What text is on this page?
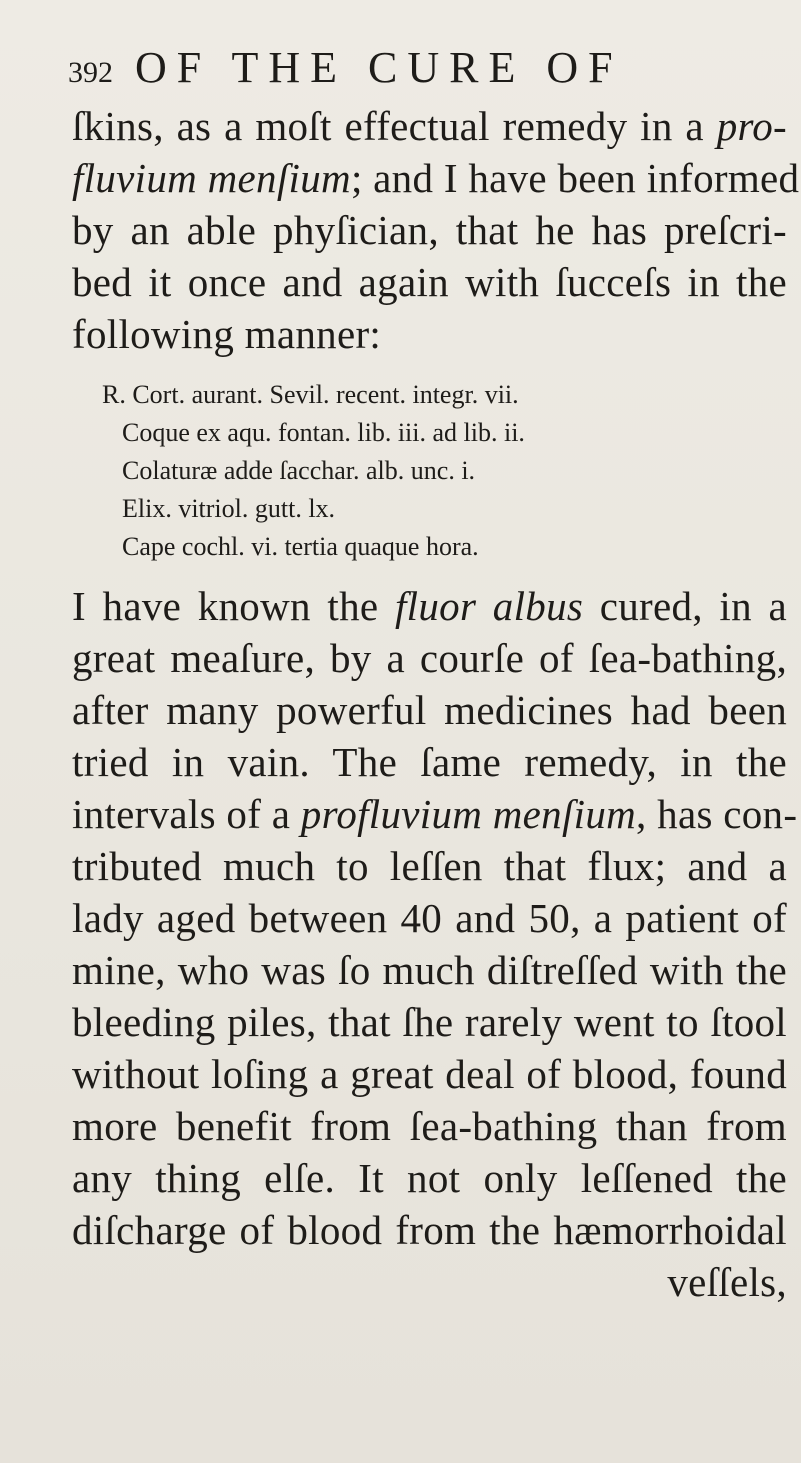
392 OF THE CURE OF
ſkins, as a moſt effectual remedy in a pro-
fluvium menſium; and I have been informed
by an able phyſician, that he has preſcri-
bed it once and again with ſucceſs in the
following manner:
R. Cort. aurant. Sevil. recent. integr. vii.
Coque ex aqu. fontan. lib. iii. ad lib. ii.
Colaturæ adde ſacchar. alb. unc. i.
Elix. vitriol. gutt. lx.
Cape cochl. vi. tertia quaque hora.
I have known the fluor albus cured, in a
great meaſure, by a courſe of ſea-bathing,
after many powerful medicines had been
tried in vain. The ſame remedy, in the
intervals of a profluvium menſium, has con-
tributed much to leſſen that flux; and a
lady aged between 40 and 50, a patient of
mine, who was ſo much diſtreſſed with the
bleeding piles, that ſhe rarely went to ſtool
without loſing a great deal of blood, found
more benefit from ſea-bathing than from
any thing elſe. It not only leſſened the
diſcharge of blood from the hæmorrhoidal
veſſels,
